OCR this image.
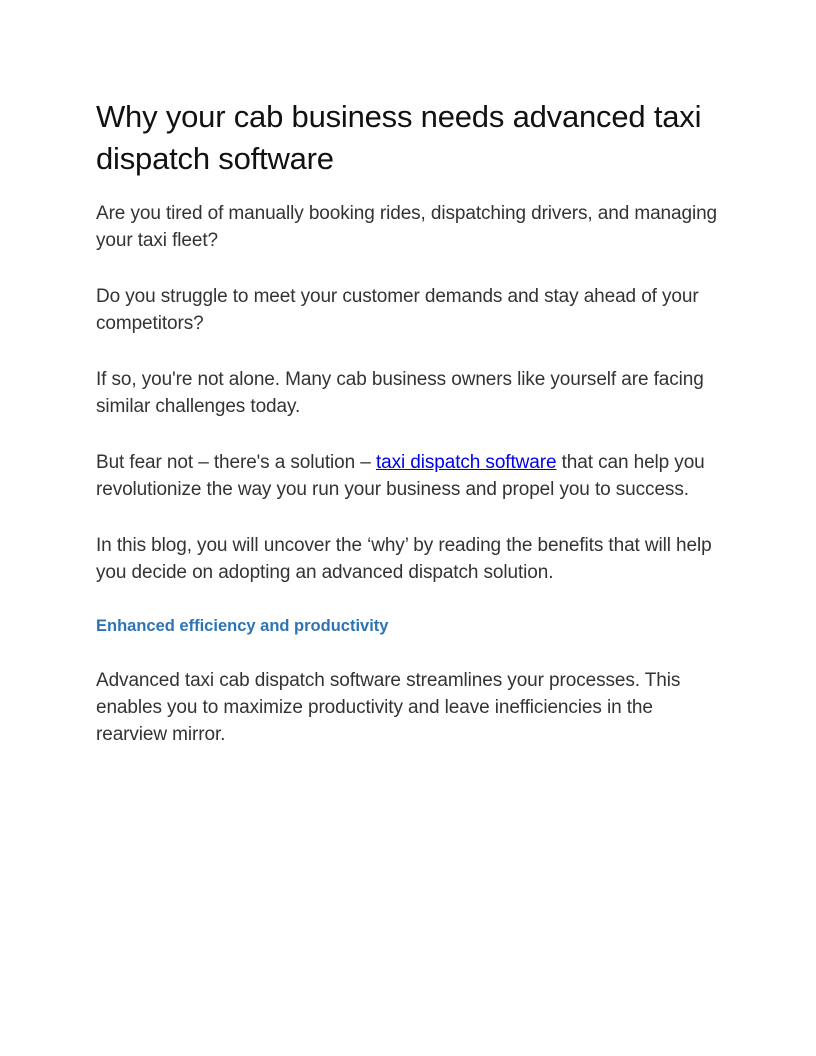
Why your cab business needs advanced taxi dispatch software

Are you tired of manually booking rides, dispatching drivers, and managing your taxi fleet?

Do you struggle to meet your customer demands and stay ahead of your competitors?

If so, you're not alone. Many cab business owners like yourself are facing similar challenges today.

But fear not – there's a solution – taxi dispatch software that can help you revolutionize the way you run your business and propel you to success.

In this blog, you will uncover the ‘why’ by reading the benefits that will help you decide on adopting an advanced dispatch solution.

Enhanced efficiency and productivity

Advanced taxi cab dispatch software streamlines your processes. This enables you to maximize productivity and leave inefficiencies in the rearview mirror.
